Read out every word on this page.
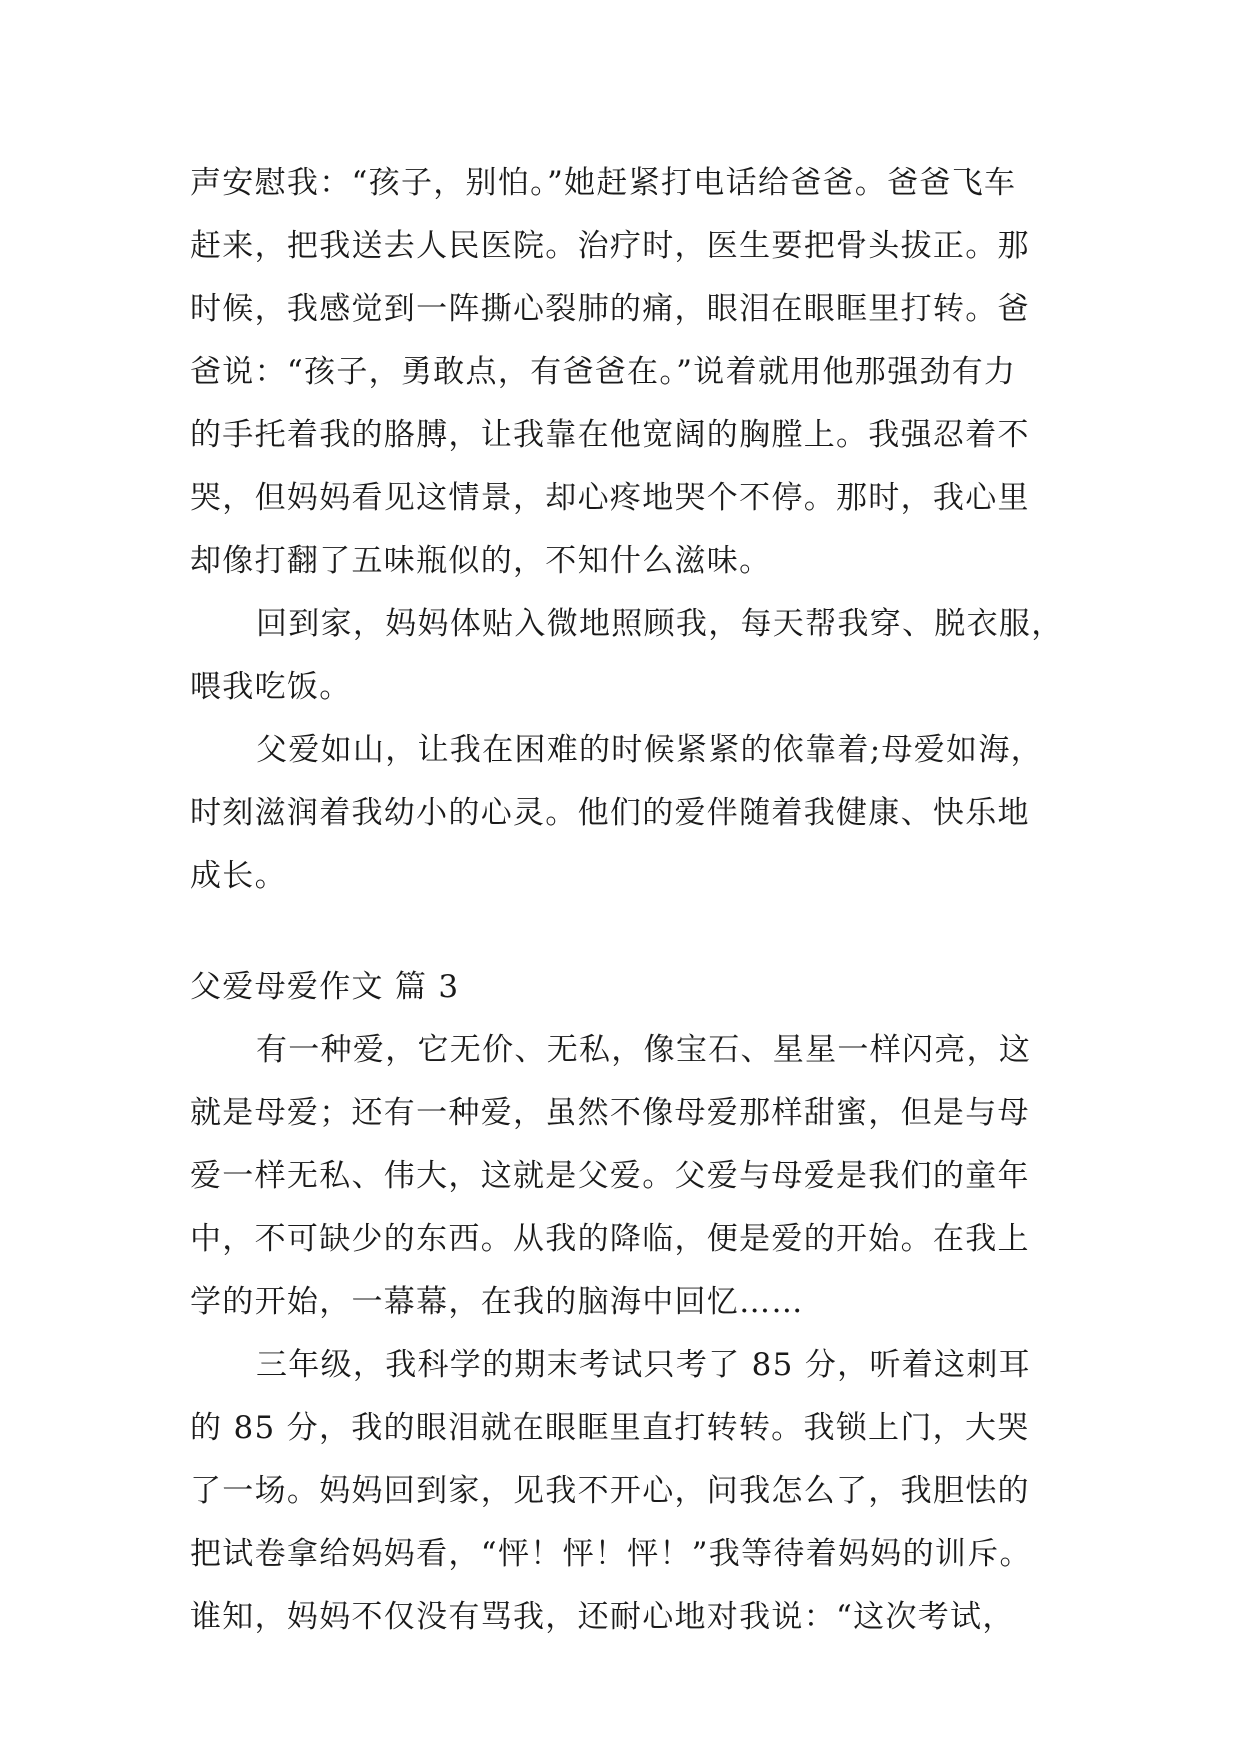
声安慰我：“孩子，别怕。”她赶紧打电话给爸爸。爸爸飞车
赶来，把我送去人民医院。治疗时，医生要把骨头拔正。那
时候，我感觉到一阵撕心裂肺的痛，眼泪在眼眶里打转。爸
爸说：“孩子，勇敢点，有爸爸在。”说着就用他那强劲有力
的手托着我的胳膊，让我靠在他宽阔的胸膛上。我强忍着不
哭，但妈妈看见这情景，却心疼地哭个不停。那时，我心里
却像打翻了五味瓶似的，不知什么滋味。
回到家，妈妈体贴入微地照顾我，每天帮我穿、脱衣服，
喂我吃饭。
父爱如山，让我在困难的时候紧紧的依靠着;母爱如海，
时刻滋润着我幼小的心灵。他们的爱伴随着我健康、快乐地
成长。
父爱母爱作文 篇 3
有一种爱，它无价、无私，像宝石、星星一样闪亮，这
就是母爱；还有一种爱，虽然不像母爱那样甜蜜，但是与母
爱一样无私、伟大，这就是父爱。父爱与母爱是我们的童年
中，不可缺少的东西。从我的降临，便是爱的开始。在我上
学的开始，一幕幕，在我的脑海中回忆……
三年级，我科学的期末考试只考了 85 分，听着这刺耳
的 85 分，我的眼泪就在眼眶里直打转转。我锁上门，大哭
了一场。妈妈回到家，见我不开心，问我怎么了，我胆怯的
把试卷拿给妈妈看，“怦！怦！怦！”我等待着妈妈的训斥。
谁知，妈妈不仅没有骂我，还耐心地对我说：“这次考试，
